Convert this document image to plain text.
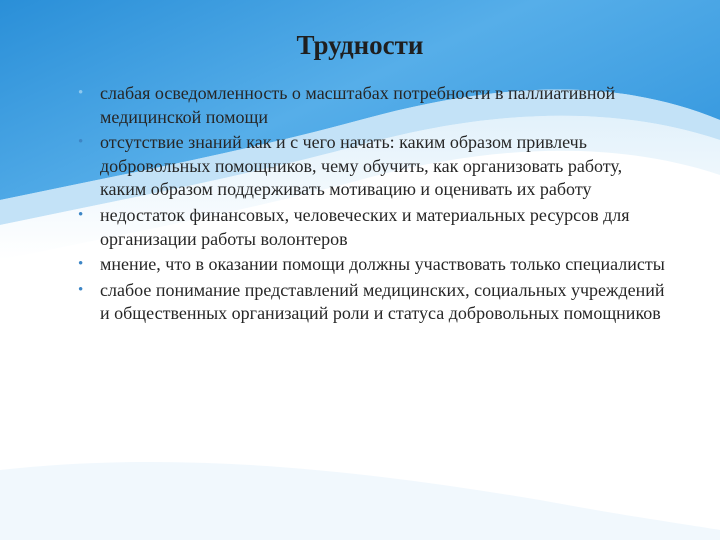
Трудности
• слабая осведомленность о масштабах потребности в паллиативной медицинской помощи
• отсутствие знаний как и с чего начать: каким образом привлечь добровольных помощников, чему обучить, как организовать работу, каким образом поддерживать мотивацию и оценивать их работу
• недостаток финансовых, человеческих и материальных ресурсов для организации работы волонтеров
• мнение, что в оказании помощи должны участвовать только специалисты
• слабое понимание представлений медицинских, социальных учреждений и общественных организаций роли и статуса добровольных помощников
